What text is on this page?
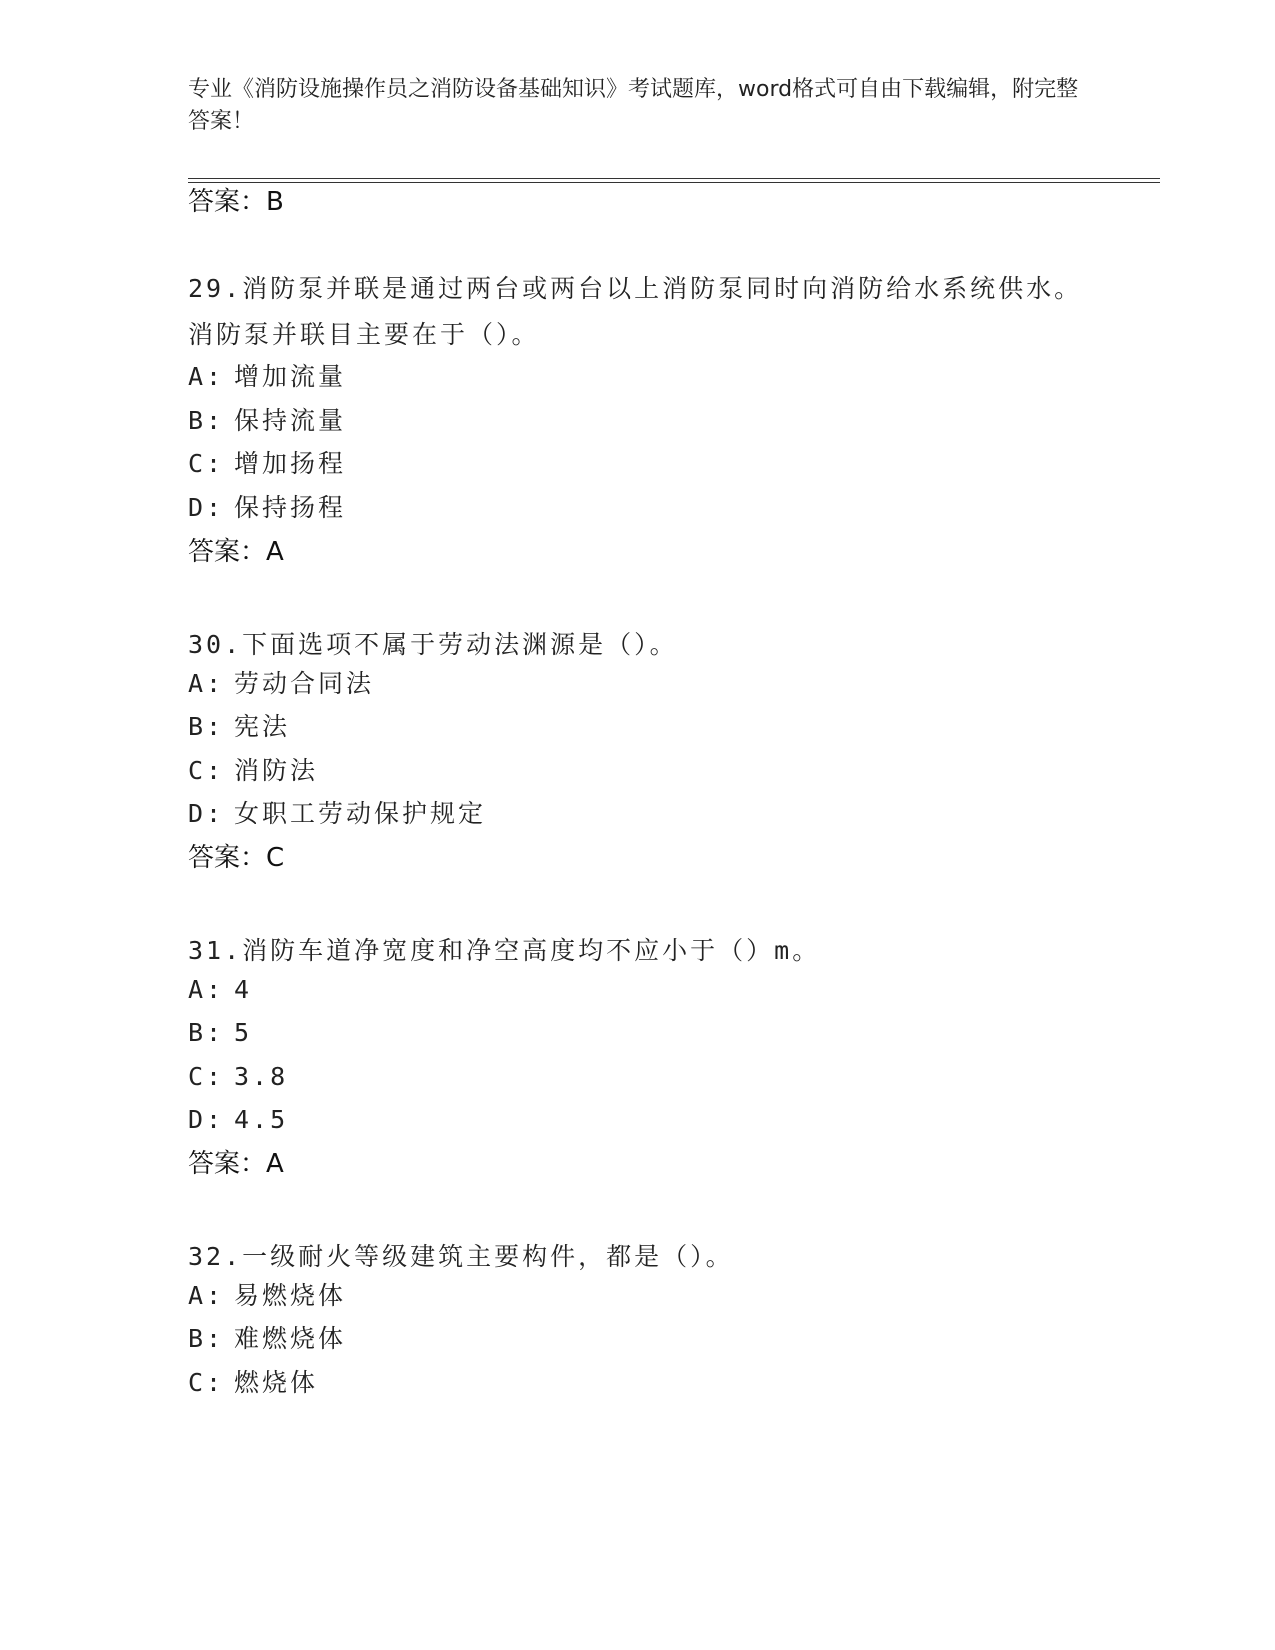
专业《消防设施操作员之消防设备基础知识》考试题库，word格式可自由下载编辑，附完整答案！
答案：B
29.消防泵并联是通过两台或两台以上消防泵同时向消防给水系统供水。消防泵并联目主要在于（）。
A: 增加流量
B: 保持流量
C: 增加扬程
D: 保持扬程
答案：A
30.下面选项不属于劳动法渊源是（）。
A: 劳动合同法
B: 宪法
C: 消防法
D: 女职工劳动保护规定
答案：C
31.消防车道净宽度和净空高度均不应小于（）m。
A: 4
B: 5
C: 3.8
D: 4.5
答案：A
32.一级耐火等级建筑主要构件，都是（）。
A: 易燃烧体
B: 难燃烧体
C: 燃烧体
